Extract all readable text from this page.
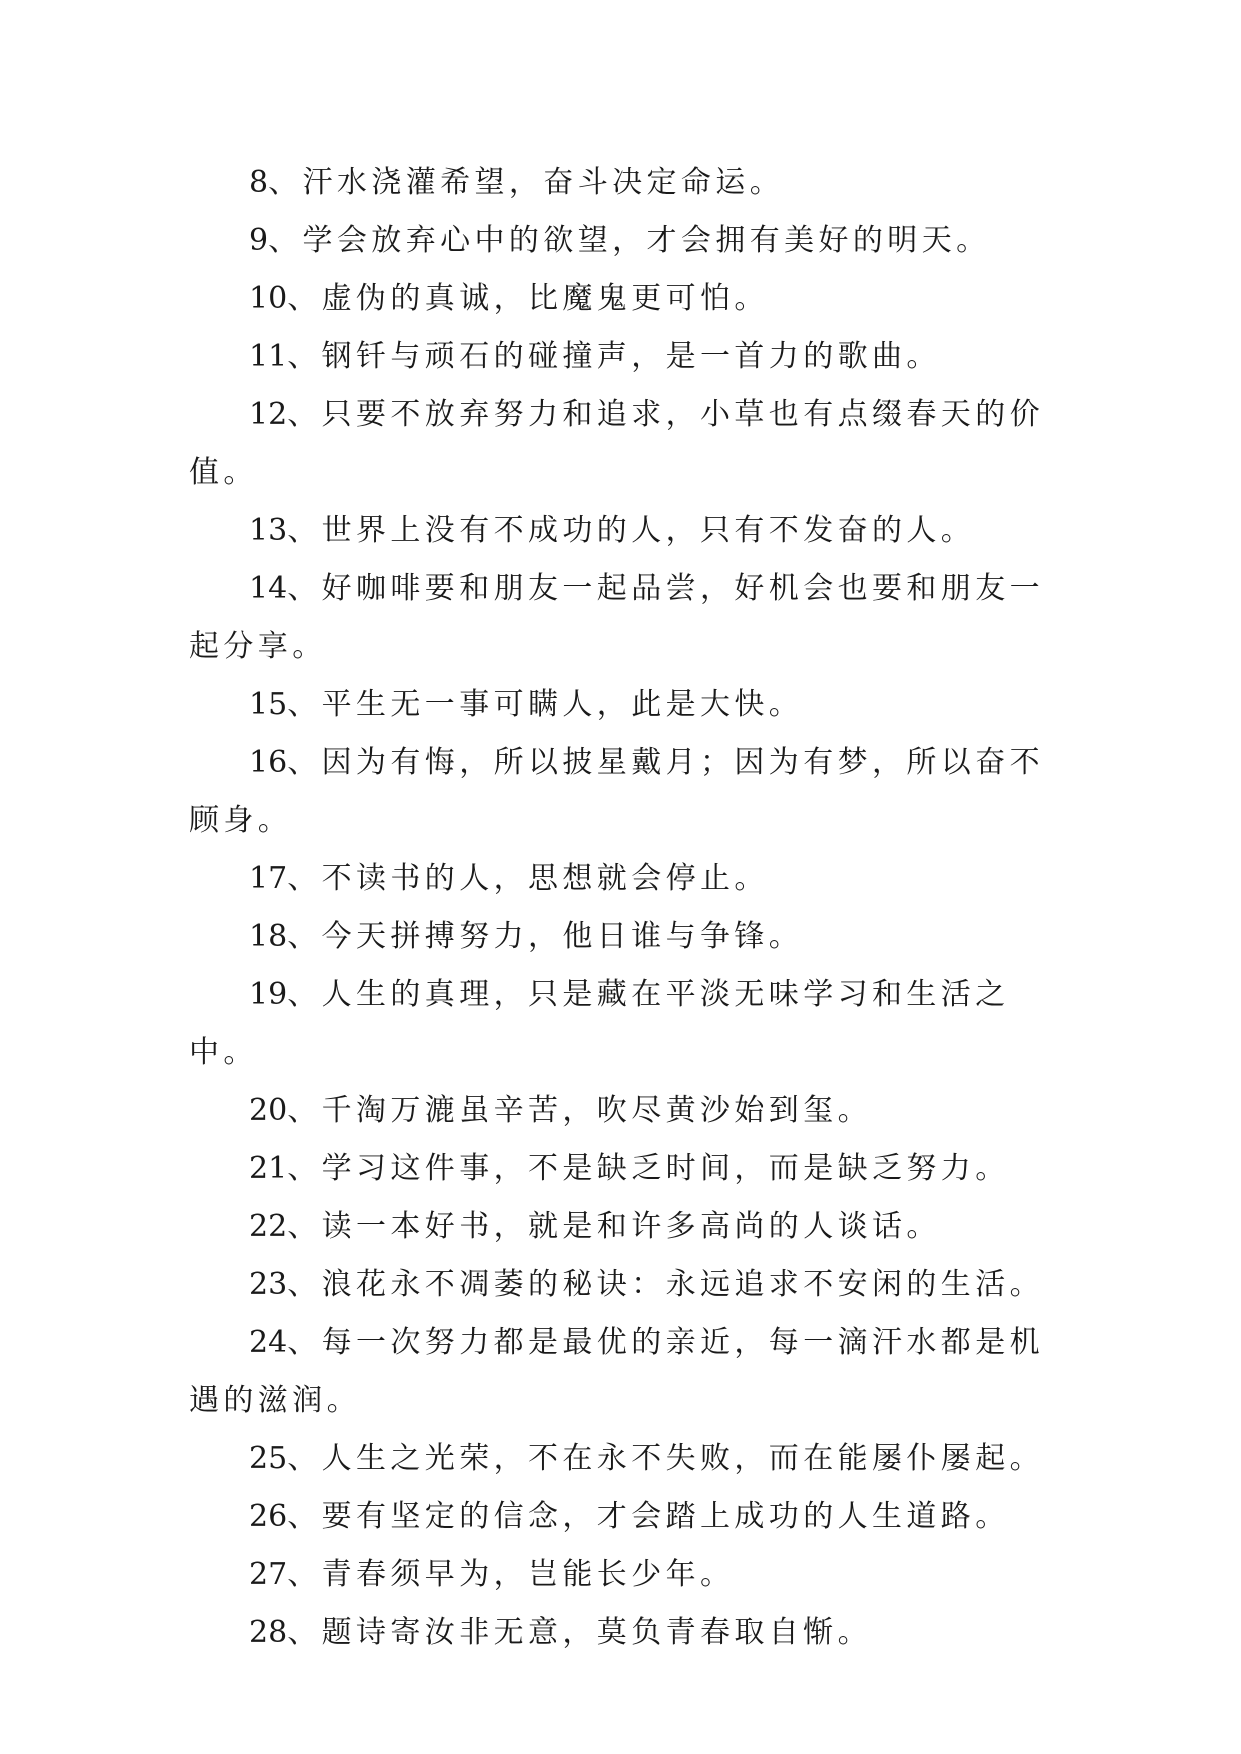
8、汗水浇灌希望，奋斗决定命运。

9、学会放弃心中的欲望，才会拥有美好的明天。

10、虚伪的真诚，比魔鬼更可怕。

11、钢钎与顽石的碰撞声，是一首力的歌曲。

12、只要不放弃努力和追求，小草也有点缀春天的价值。

13、世界上没有不成功的人，只有不发奋的人。

14、好咖啡要和朋友一起品尝，好机会也要和朋友一起分享。

15、平生无一事可瞒人，此是大快。

16、因为有悔，所以披星戴月；因为有梦，所以奋不顾身。

17、不读书的人，思想就会停止。

18、今天拼搏努力，他日谁与争锋。

19、人生的真理，只是藏在平淡无味学习和生活之中。

20、千淘万漉虽辛苦，吹尽黄沙始到玺。

21、学习这件事，不是缺乏时间，而是缺乏努力。

22、读一本好书，就是和许多高尚的人谈话。

23、浪花永不凋萎的秘诀：永远追求不安闲的生活。

24、每一次努力都是最优的亲近，每一滴汗水都是机遇的滋润。

25、人生之光荣，不在永不失败，而在能屡仆屡起。

26、要有坚定的信念，才会踏上成功的人生道路。

27、青春须早为，岂能长少年。

28、题诗寄汝非无意，莫负青春取自惭。
